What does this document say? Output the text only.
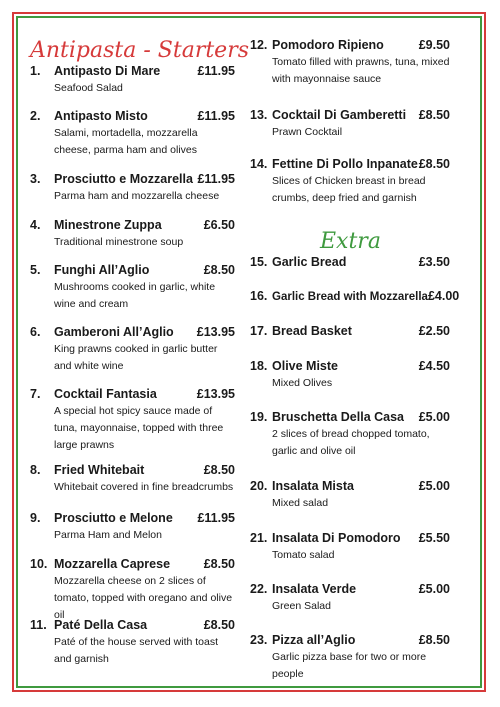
Antipasta - Starters
Extra
1.	Antipasto Di Mare	£11.95
Seafood Salad
2.	Antipasto Misto	£11.95
Salami, mortadella, mozzarella cheese, parma ham and olives
3.	Prosciutto e Mozzarella £11.95
Parma ham and mozzarella cheese
4.	Minestrone Zuppa	£6.50
Traditional minestrone soup
5.	Funghi All’Aglio	£8.50
Mushrooms cooked in garlic, white wine and cream
6.	Gamberoni All’Aglio	£13.95
King prawns cooked in garlic butter and white wine
7.	Cocktail Fantasia	£13.95
A special hot spicy sauce made of tuna, mayonnaise, topped with three large prawns
8.	Fried Whitebait	£8.50
Whitebait covered in fine breadcrumbs
9.	Prosciutto e Melone	£11.95
Parma Ham and Melon
10. Mozzarella Caprese	£8.50
Mozzarella cheese on 2 slices of tomato, topped with oregano and olive oil
11. Paté Della Casa	£8.50
Paté of the house served with toast and garnish
12. Pomodoro Ripieno	£9.50
Tomato filled with prawns, tuna, mixed with mayonnaise sauce
13. Cocktail Di Gamberetti	£8.50
Prawn Cocktail
14. Fettine Di Pollo Inpanate £8.50
Slices of Chicken breast in bread crumbs, deep fried and garnish
15. Garlic Bread	£3.50
16. Garlic Bread with Mozzarella £4.00
17. Bread Basket	£2.50
18. Olive Miste	£4.50
Mixed Olives
19. Bruschetta Della Casa	£5.00
2 slices of bread chopped tomato, garlic and olive oil
20. Insalata Mista	£5.00
Mixed salad
21. Insalata Di Pomodoro	£5.50
Tomato salad
22. Insalata Verde	£5.00
Green Salad
23. Pizza all’Aglio	£8.50
Garlic pizza base for two or more people
